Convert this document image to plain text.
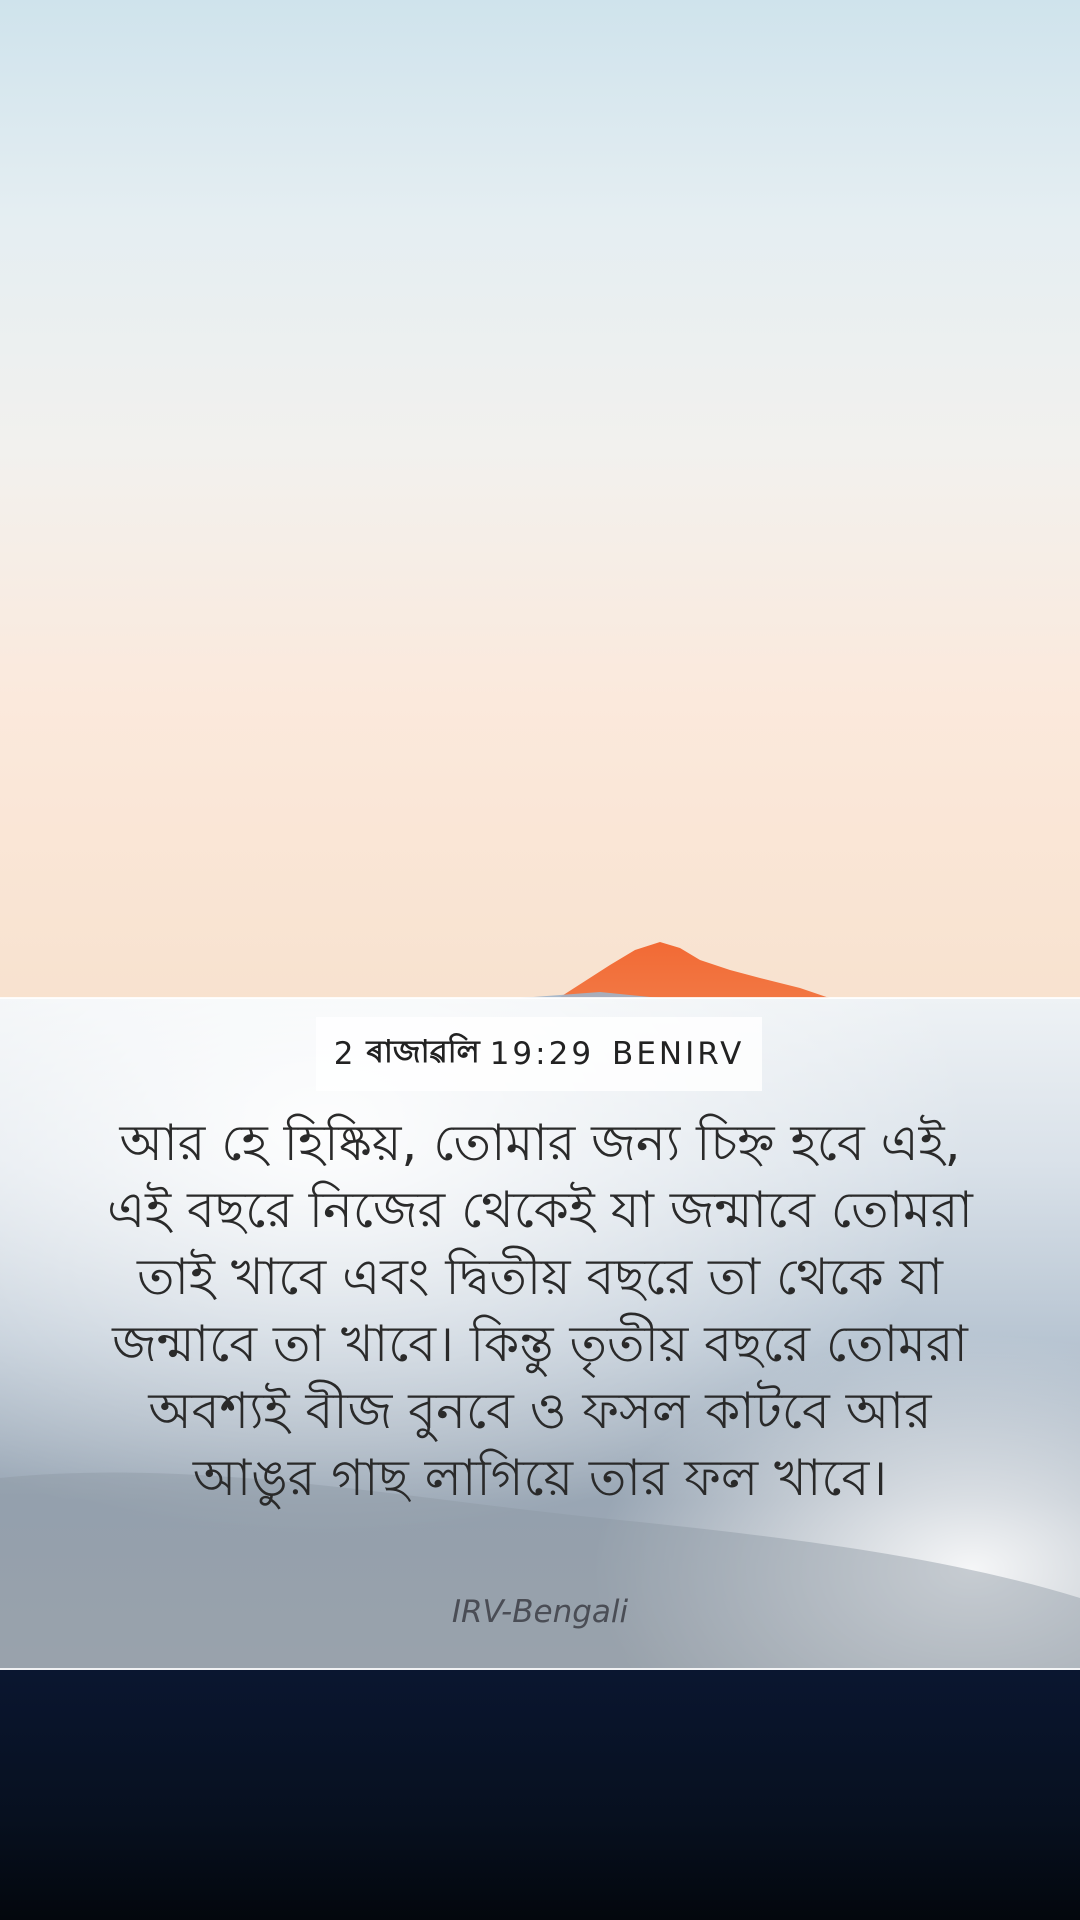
2 ৰাজাৱলি 19:29 BENIRV
আর হে হিষ্কিয়, তোমার জন্য চিহ্ন হবে এই, এই বছরে নিজের থেকেই যা জন্মাবে তোমরা তাই খাবে এবং দ্বিতীয় বছরে তা থেকে যা জন্মাবে তা খাবে। কিন্তু তৃতীয় বছরে তোমরা অবশ্যই বীজ বুনবে ও ফসল কাটবে আর আঙুর গাছ লাগিয়ে তার ফল খাবে।
IRV-Bengali
